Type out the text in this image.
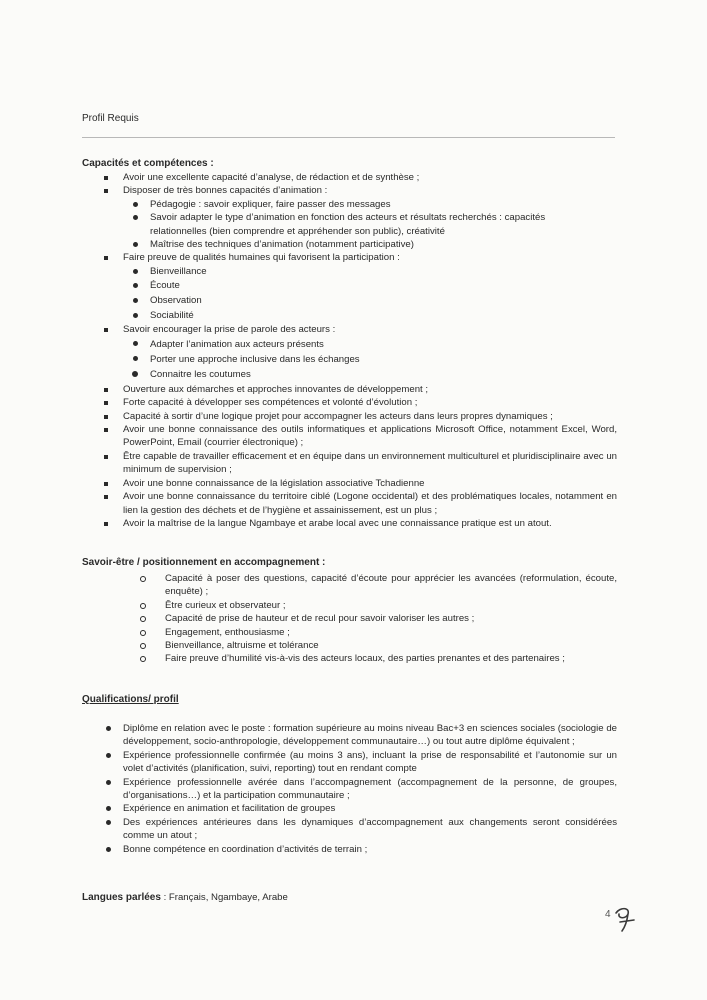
Profil Requis
Capacités et compétences :
Avoir une excellente capacité d’analyse, de rédaction et de synthèse ;
Disposer de très bonnes capacités d’animation :
Pédagogie : savoir expliquer, faire passer des messages
Savoir adapter le type d’animation en fonction des acteurs et résultats recherchés : capacités relationnelles (bien comprendre et appréhender son public), créativité
Maîtrise des techniques d’animation (notamment participative)
Faire preuve de qualités humaines qui favorisent la participation :
Bienveillance
Écoute
Observation
Sociabilité
Savoir encourager la prise de parole des acteurs :
Adapter l’animation aux acteurs présents
Porter une approche inclusive dans les échanges
Connaitre les coutumes
Ouverture aux démarches et approches innovantes de développement ;
Forte capacité à développer ses compétences et volonté d’évolution ;
Capacité à sortir d’une logique projet pour accompagner les acteurs dans leurs propres dynamiques ;
Avoir une bonne connaissance des outils informatiques et applications Microsoft Office, notamment Excel, Word, PowerPoint, Email (courrier électronique) ;
Être capable de travailler efficacement et en équipe dans un environnement multiculturel et pluridisciplinaire avec un minimum de supervision ;
Avoir une bonne connaissance de la législation associative Tchadienne
Avoir une bonne connaissance du territoire ciblé (Logone occidental) et des problématiques locales, notamment en lien la gestion des déchets et de l’hygiène et assainissement, est un plus ;
Avoir la maîtrise de la langue Ngambaye et arabe local avec une connaissance pratique est un atout.
Savoir-être / positionnement en accompagnement :
Capacité à poser des questions, capacité d’écoute pour apprécier les avancées (reformulation, écoute, enquête) ;
Être curieux et observateur ;
Capacité de prise de hauteur et de recul pour savoir valoriser les autres ;
Engagement, enthousiasme ;
Bienveillance, altruisme et tolérance
Faire preuve d’humilité vis-à-vis des acteurs locaux, des parties prenantes et des partenaires ;
Qualifications/ profil
Diplôme en relation avec le poste : formation supérieure au moins niveau Bac+3 en sciences sociales (sociologie de développement, socio-anthropologie, développement communautaire…) ou tout autre diplôme équivalent ;
Expérience professionnelle confirmée (au moins 3 ans), incluant la prise de responsabilité et l’autonomie sur un volet d’activités (planification, suivi, reporting) tout en rendant compte
Expérience professionnelle avérée dans l’accompagnement (accompagnement de la personne, de groupes, d’organisations…) et la participation communautaire ;
Expérience en animation et facilitation de groupes
Des expériences antérieures dans les dynamiques d’accompagnement aux changements seront considérées comme un atout ;
Bonne compétence en coordination d’activités de terrain ;
Langues parlées : Français, Ngambaye, Arabe
4
